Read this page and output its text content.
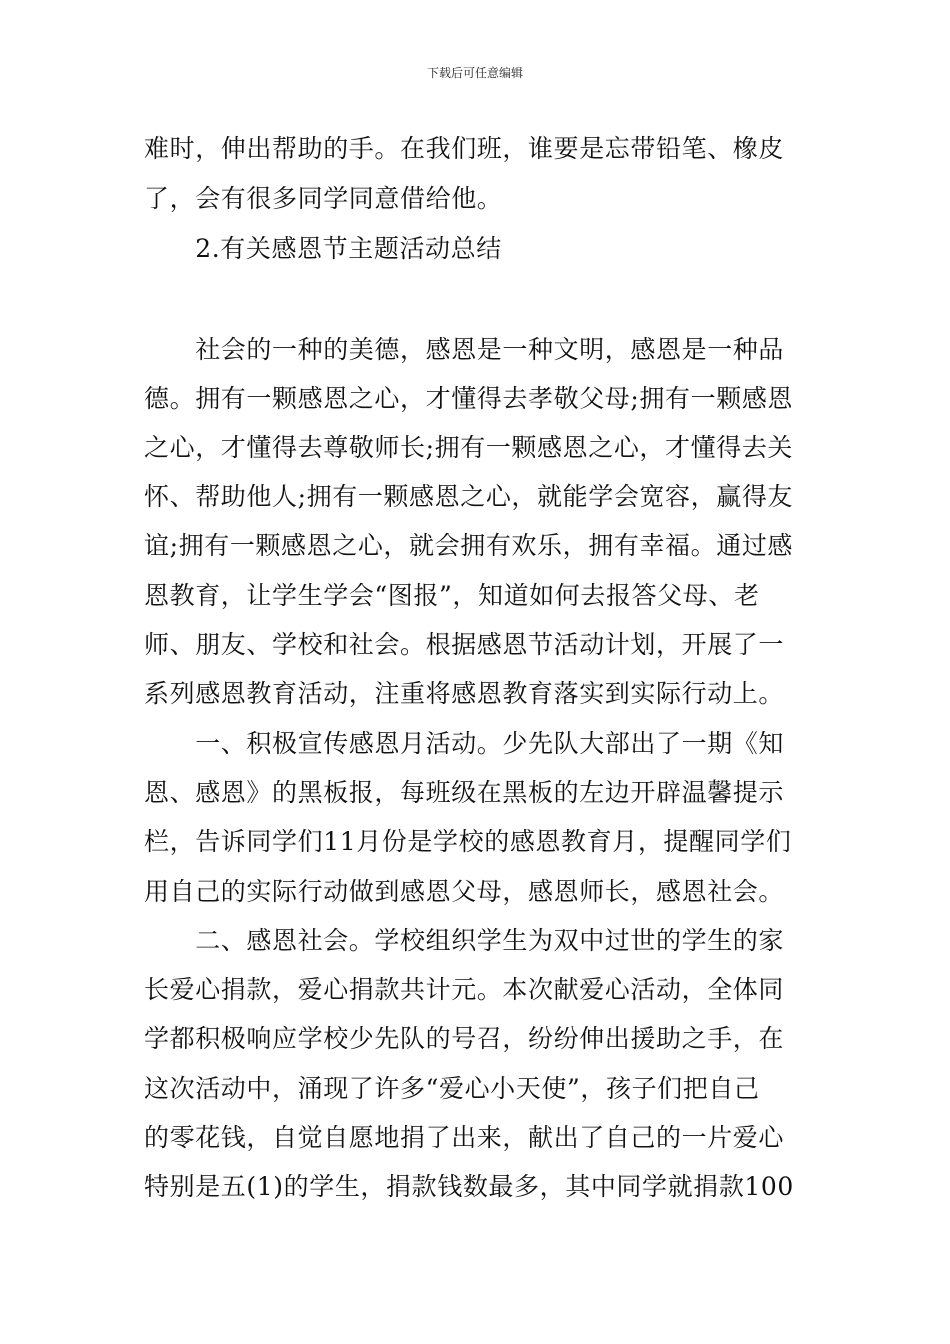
下载后可任意编辑
难时，伸出帮助的手。在我们班，谁要是忘带铅笔、橡皮
了，会有很多同学同意借给他。
　　2.有关感恩节主题活动总结
　　社会的一种的美德，感恩是一种文明，感恩是一种品
德。拥有一颗感恩之心，才懂得去孝敬父母;拥有一颗感恩
之心，才懂得去尊敬师长;拥有一颗感恩之心，才懂得去关
怀、帮助他人;拥有一颗感恩之心，就能学会宽容，赢得友
谊;拥有一颗感恩之心，就会拥有欢乐，拥有幸福。通过感
恩教育，让学生学会“图报”，知道如何去报答父母、老
师、朋友、学校和社会。根据感恩节活动计划，开展了一
系列感恩教育活动，注重将感恩教育落实到实际行动上。
　　一、积极宣传感恩月活动。少先队大部出了一期《知
恩、感恩》的黑板报，每班级在黑板的左边开辟温馨提示
栏，告诉同学们11月份是学校的感恩教育月，提醒同学们
用自己的实际行动做到感恩父母，感恩师长，感恩社会。
　　二、感恩社会。学校组织学生为双中过世的学生的家
长爱心捐款，爱心捐款共计元。本次献爱心活动，全体同
学都积极响应学校少先队的号召，纷纷伸出援助之手，在
这次活动中，涌现了许多“爱心小天使”，孩子们把自己
的零花钱，自觉自愿地捐了出来，献出了自己的一片爱心
特别是五(1)的学生，捐款钱数最多，其中同学就捐款100
